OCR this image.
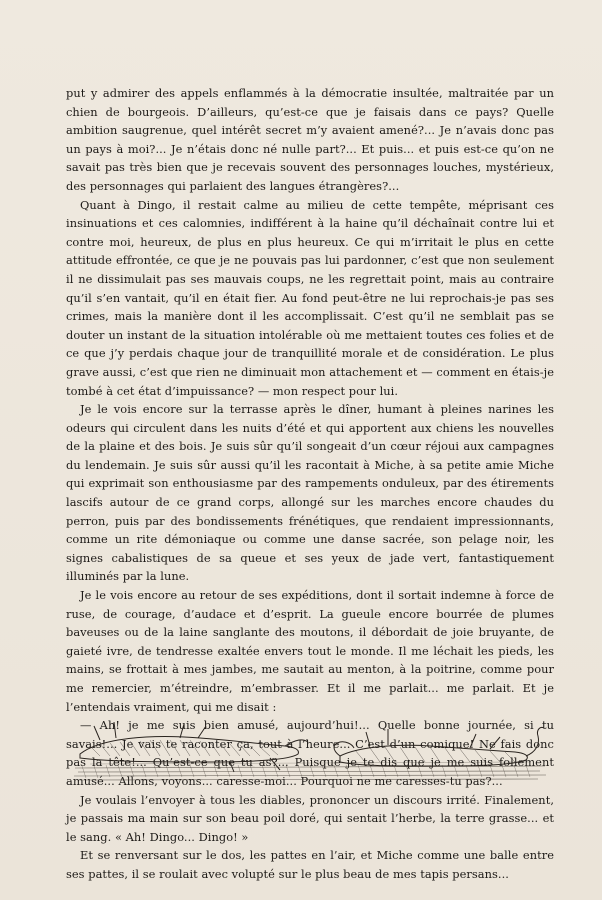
put y admirer des appels enflammés à la démocratie insultée, maltraitée par un chien de bourgeois. D’ailleurs, qu’est-ce que je faisais dans ce pays? Quelle ambition saugrenue, quel intérêt secret m’y avaient amené?... Je n’avais donc pas un pays à moi?... Je n’étais donc né nulle part?... Et puis... et puis est-ce qu’on ne savait pas très bien que je recevais souvent des personnages louches, mystérieux, des personnages qui parlaient des langues étrangères?...

Quant à Dingo, il restait calme au milieu de cette tempête, méprisant ces insinuations et ces calomnies, indifférent à la haine qu’il déchaînait contre lui et contre moi, heureux, de plus en plus heureux. Ce qui m’irritait le plus en cette attitude effrontée, ce que je ne pouvais pas lui pardonner, c’est que non seulement il ne dissimulait pas ses mauvais coups, ne les regrettait point, mais au contraire qu’il s’en vantait, qu’il en était fier. Au fond peut-être ne lui reprochais-je pas ses crimes, mais la manière dont il les accomplissait. C’est qu’il ne semblait pas se douter un instant de la situation intolérable où me mettaient toutes ces folies et de ce que j’y perdais chaque jour de tranquillité morale et de considération. Le plus grave aussi, c’est que rien ne diminuait mon attachement et — comment en étais-je tombé à cet état d’impuissance? — mon respect pour lui.

Je le vois encore sur la terrasse après le dîner, humant à pleines narines les odeurs qui circulent dans les nuits d’été et qui apportent aux chiens les nouvelles de la plaine et des bois. Je suis sûr qu’il songeait d’un cœur réjoui aux campagnes du lendemain. Je suis sûr aussi qu’il les racontait à Miche, à sa petite amie Miche qui exprimait son enthousiasme par des rampements onduleux, par des étirements lascifs autour de ce grand corps, allongé sur les marches encore chaudes du perron, puis par des bondissements frénétiques, que rendaient impressionnants, comme un rite démoniaque ou comme une danse sacrée, son pelage noir, les signes cabalistiques de sa queue et ses yeux de jade vert, fantastiquement illuminés par la lune.

Je le vois encore au retour de ses expéditions, dont il sortait indemne à force de ruse, de courage, d’audace et d’esprit. La gueule encore bourrée de plumes baveuses ou de la laine sanglante des moutons, il débordait de joie bruyante, de gaieté ivre, de tendresse exaltée envers tout le monde. Il me léchait les pieds, les mains, se frottait à mes jambes, me sautait au menton, à la poitrine, comme pour me remercier, m’étreindre, m’embrasser. Et il me parlait... me parlait. Et je l’entendais vraiment, qui me disait :

— Ah! je me suis bien amusé, aujourd’hui!... Quelle bonne journée, si tu savais!... Je vais te raconter ça, tout à l’heure... C’est d’un comique! Ne fais donc pas la tête!... Qu’est-ce que tu as?... Puisque je te dis que je me suis follement amusé... Allons, voyons... caresse-moi... Pourquoi ne me caresses-tu pas?...

Je voulais l’envoyer à tous les diables, prononcer un discours irrité. Finalement, je passais ma main sur son beau poil doré, qui sentait l’herbe, la terre grasse... et le sang. « Ah! Dingo... Dingo! »

Et se renversant sur le dos, les pattes en l’air, et Miche comme une balle entre ses pattes, il se roulait avec volupté sur le plus beau de mes tapis persans...
